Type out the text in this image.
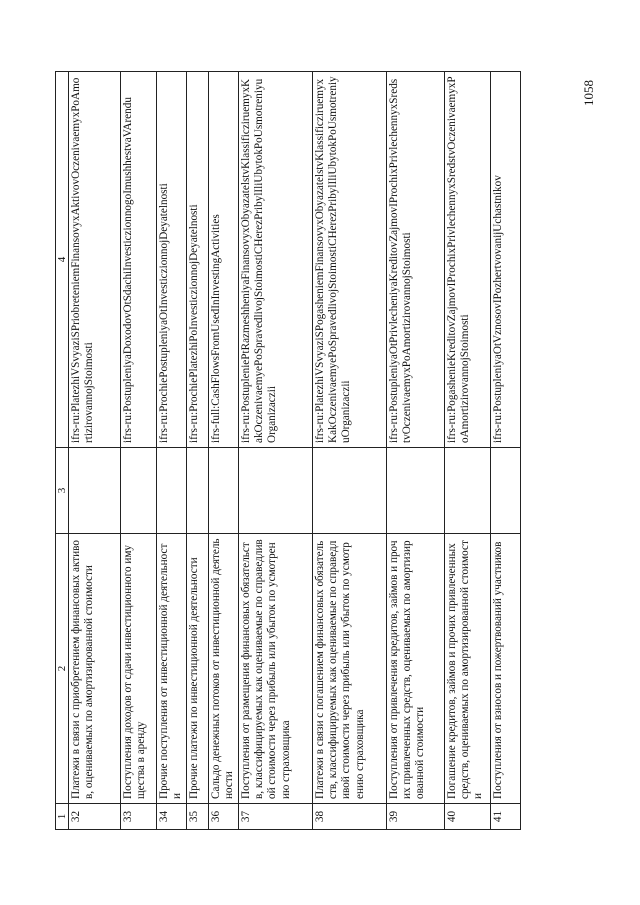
1	2	3	4
32	Платежи в связи с приобретением финансовых активов, оцениваемых по амортизированной стоимости		ifrs-ru:PlatezhiVSvyaziSPriobreteniemFinansovyxAktivovOczenivaemyxPoAmortizirovannojStoimosti
33	Поступления доходов от сдачи инвестиционного имущества в аренду		ifrs-ru:PostupleniyaDoxodovOtSdachiInvesticzionnogoImushhestvaVArendu
34	Прочие поступления от инвестиционной деятельности		ifrs-ru:ProchiePostupleniyaOtInvesticzionnojDeyatelnosti
35	Прочие платежи по инвестиционной деятельности		ifrs-ru:ProchiePlatezhiPoInvesticzionnojDeyatelnosti
36	Сальдо денежных потоков от инвестиционной деятельности		ifrs-full:CashFlowsFromUsedInInvestingActivities
37	Поступления от размещения финансовых обязательств, классифицируемых как оцениваемые по справедливой стоимости через прибыль или убыток по усмотрению страховщика		ifrs-ru:PostupleniePtRazmeshheniyaFinansovyxObyazatelstvKlassificziruemyxKakOczenivaemyePoSpravedlivojStoimostiCHerezPribylIliUbytokPoUsmotreniyuOrganizaczii
38	Платежи в связи с погашением финансовых обязательств, классифицируемых как оцениваемые по справедливой стоимости через прибыль или убыток по усмотрению страховщика		ifrs-ru:PlatezhiVSvyaziSPogasheniemFinansovyxObyazatelstvKlassificziruemyxKakOczenivaemyePoSpravedlivojStoimostiCHerezPribylIliUbytokPoUsmotreniyuOrganizaczii
39	Поступления от привлечения кредитов, займов и прочих привлеченных средств, оцениваемых по амортизированной стоимости		ifrs-ru:PostupleniyaOtPrivlecheniyaKreditovZajmovIProchixPrivlechennyxSredstvOczenivaemyxPoAmortizirovannojStoimosti
40	Погашение кредитов, займов и прочих привлеченных средств, оцениваемых по амортизированной стоимости		ifrs-ru:PogashenieKreditovZajmovIProchixPrivlechennyxSredstvOczenivaemyxPoAmortizirovannojStoimosti
41	Поступления от взносов и пожертвований участников		ifrs-ru:PostupleniyaOtVznosovIPozhertvovanijUchastnikov
1058
